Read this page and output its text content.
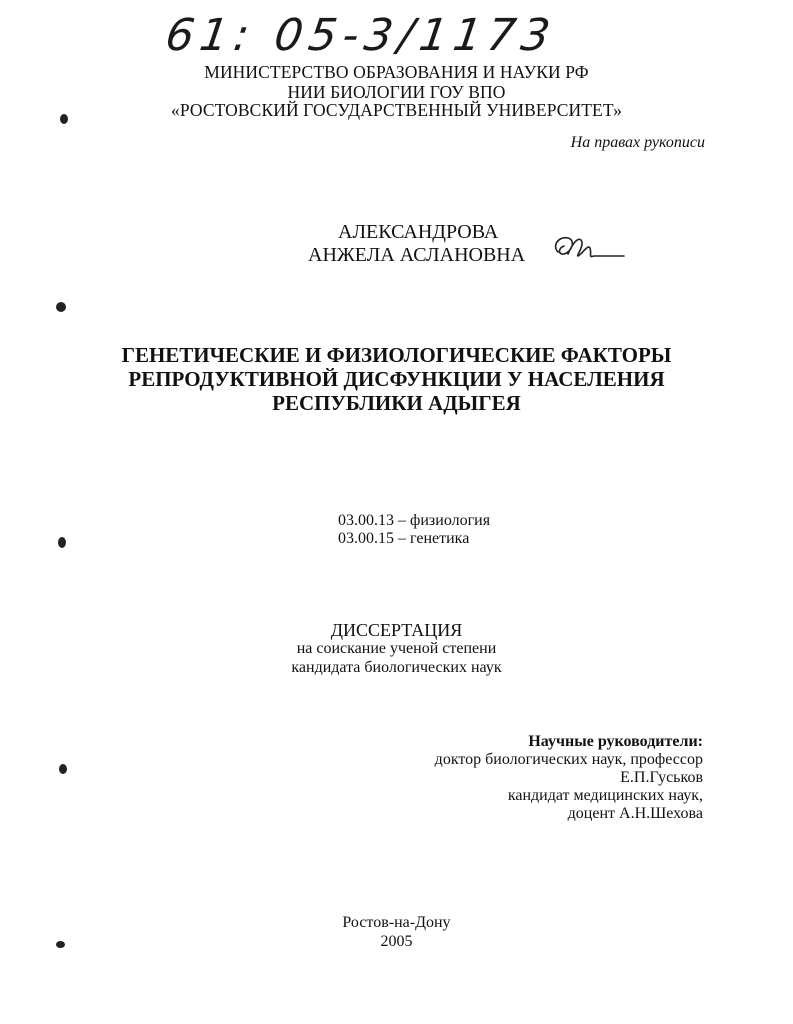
61: 05-3/1173
МИНИСТЕРСТВО ОБРАЗОВАНИЯ И НАУКИ РФ
НИИ БИОЛОГИИ ГОУ ВПО
«РОСТОВСКИЙ ГОСУДАРСТВЕННЫЙ УНИВЕРСИТЕТ»
На правах рукописи
АЛЕКСАНДРОВА
АНЖЕЛА АСЛАНОВНА
ГЕНЕТИЧЕСКИЕ И ФИЗИОЛОГИЧЕСКИЕ ФАКТОРЫ
РЕПРОДУКТИВНОЙ ДИСФУНКЦИИ У НАСЕЛЕНИЯ
РЕСПУБЛИКИ АДЫГЕЯ
03.00.13 – физиология
03.00.15 – генетика
ДИССЕРТАЦИЯ
на соискание ученой степени
кандидата биологических наук
Научные руководители:
доктор биологических наук, профессор
Е.П.Гуськов
кандидат медицинских наук,
доцент А.Н.Шехова
Ростов-на-Дону
2005
